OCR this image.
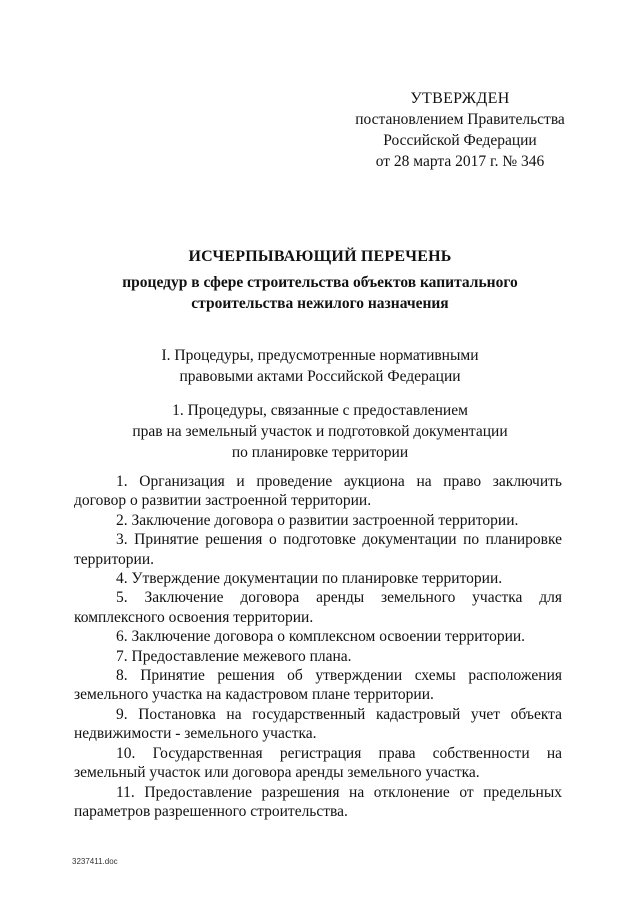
УТВЕРЖДЕН
постановлением Правительства
Российской Федерации
от 28 марта 2017 г. № 346
ИСЧЕРПЫВАЮЩИЙ ПЕРЕЧЕНЬ
процедур в сфере строительства объектов капитального
строительства нежилого назначения
I. Процедуры, предусмотренные нормативными
правовыми актами Российской Федерации
1. Процедуры, связанные с предоставлением
прав на земельный участок и подготовкой документации
по планировке территории

1. Организация и проведение аукциона на право заключить договор о развитии застроенной территории.

2. Заключение договора о развитии застроенной территории.

3. Принятие решения о подготовке документации по планировке территории.

4. Утверждение документации по планировке территории.

5. Заключение договора аренды земельного участка для комплексного освоения территории.

6. Заключение договора о комплексном освоении территории.

7. Предоставление межевого плана.

8. Принятие решения об утверждении схемы расположения земельного участка на кадастровом плане территории.

9. Постановка на государственный кадастровый учет объекта недвижимости - земельного участка.

10. Государственная регистрация права собственности на земельный участок или договора аренды земельного участка.

11. Предоставление разрешения на отклонение от предельных параметров разрешенного строительства.

3237411.doc
